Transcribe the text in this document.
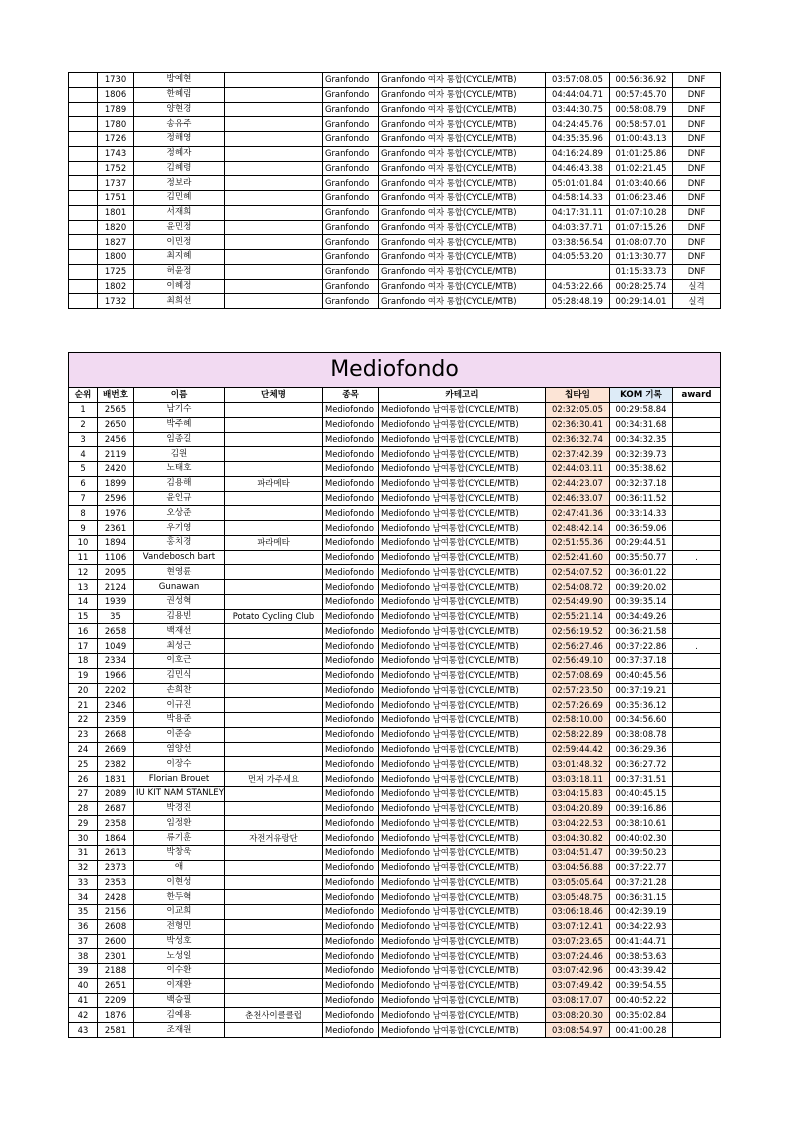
	1730	방예현		Granfondo	Granfondo 여자 통합(CYCLE/MTB)	03:57:08.05	00:56:36.92	DNF
	1806	한혜림		Granfondo	Granfondo 여자 통합(CYCLE/MTB)	04:44:04.71	00:57:45.70	DNF
	1789	양현경		Granfondo	Granfondo 여자 통합(CYCLE/MTB)	03:44:30.75	00:58:08.79	DNF
	1780	송유주		Granfondo	Granfondo 여자 통합(CYCLE/MTB)	04:24:45.76	00:58:57.01	DNF
	1726	정해영		Granfondo	Granfondo 여자 통합(CYCLE/MTB)	04:35:35.96	01:00:43.13	DNF
	1743	정혜자		Granfondo	Granfondo 여자 통합(CYCLE/MTB)	04:16:24.89	01:01:25.86	DNF
	1752	김혜령		Granfondo	Granfondo 여자 통합(CYCLE/MTB)	04:46:43.38	01:02:21.45	DNF
	1737	정보라		Granfondo	Granfondo 여자 통합(CYCLE/MTB)	05:01:01.84	01:03:40.66	DNF
	1751	김민혜		Granfondo	Granfondo 여자 통합(CYCLE/MTB)	04:58:14.33	01:06:23.46	DNF
	1801	서재희		Granfondo	Granfondo 여자 통합(CYCLE/MTB)	04:17:31.11	01:07:10.28	DNF
	1820	윤민정		Granfondo	Granfondo 여자 통합(CYCLE/MTB)	04:03:37.71	01:07:15.26	DNF
	1827	이민정		Granfondo	Granfondo 여자 통합(CYCLE/MTB)	03:38:56.54	01:08:07.70	DNF
	1800	최지혜		Granfondo	Granfondo 여자 통합(CYCLE/MTB)	04:05:53.20	01:13:30.77	DNF
	1725	허윤정		Granfondo	Granfondo 여자 통합(CYCLE/MTB)		01:15:33.73	DNF
	1802	이혜정		Granfondo	Granfondo 여자 통합(CYCLE/MTB)	04:53:22.66	00:28:25.74	실격
	1732	최희선		Granfondo	Granfondo 여자 통합(CYCLE/MTB)	05:28:48.19	00:29:14.01	실격
Mediofondo								
순위	배번호	이름	단체명	종목	카테고리	칩타임	KOM 기록	award
1	2565	남기수		Mediofondo	Mediofondo 남여통합(CYCLE/MTB)	02:32:05.05	00:29:58.84	
2	2650	박주혜		Mediofondo	Mediofondo 남여통합(CYCLE/MTB)	02:36:30.41	00:34:31.68	
3	2456	임종길		Mediofondo	Mediofondo 남여통합(CYCLE/MTB)	02:36:32.74	00:34:32.35	
4	2119	김원		Mediofondo	Mediofondo 남여통합(CYCLE/MTB)	02:37:42.39	00:32:39.73	
5	2420	노태호		Mediofondo	Mediofondo 남여통합(CYCLE/MTB)	02:44:03.11	00:35:38.62	
6	1899	김용해	파라메타	Mediofondo	Mediofondo 남여통합(CYCLE/MTB)	02:44:23.07	00:32:37.18	
7	2596	윤인규		Mediofondo	Mediofondo 남여통합(CYCLE/MTB)	02:46:33.07	00:36:11.52	
8	1976	오상준		Mediofondo	Mediofondo 남여통합(CYCLE/MTB)	02:47:41.36	00:33:14.33	
9	2361	우기영		Mediofondo	Mediofondo 남여통합(CYCLE/MTB)	02:48:42.14	00:36:59.06	
10	1894	홍치경	파라메타	Mediofondo	Mediofondo 남여통합(CYCLE/MTB)	02:51:55.36	00:29:44.51	
11	1106	Vandebosch bart		Mediofondo	Mediofondo 남여통합(CYCLE/MTB)	02:52:41.60	00:35:50.77	.
12	2095	현영륜		Mediofondo	Mediofondo 남여통합(CYCLE/MTB)	02:54:07.52	00:36:01.22	
13	2124	Gunawan		Mediofondo	Mediofondo 남여통합(CYCLE/MTB)	02:54:08.72	00:39:20.02	
14	1939	권성혁		Mediofondo	Mediofondo 남여통합(CYCLE/MTB)	02:54:49.90	00:39:35.14	
15	35	김용빈	Potato Cycling Club	Mediofondo	Mediofondo 남여통합(CYCLE/MTB)	02:55:21.14	00:34:49.26	
16	2658	백재선		Mediofondo	Mediofondo 남여통합(CYCLE/MTB)	02:56:19.52	00:36:21.58	
17	1049	최성근		Mediofondo	Mediofondo 남여통합(CYCLE/MTB)	02:56:27.46	00:37:22.86	.
18	2334	이호근		Mediofondo	Mediofondo 남여통합(CYCLE/MTB)	02:56:49.10	00:37:37.18	
19	1966	김민식		Mediofondo	Mediofondo 남여통합(CYCLE/MTB)	02:57:08.69	00:40:45.56	
20	2202	손희찬		Mediofondo	Mediofondo 남여통합(CYCLE/MTB)	02:57:23.50	00:37:19.21	
21	2346	이규진		Mediofondo	Mediofondo 남여통합(CYCLE/MTB)	02:57:26.69	00:35:36.12	
22	2359	박용준		Mediofondo	Mediofondo 남여통합(CYCLE/MTB)	02:58:10.00	00:34:56.60	
23	2668	이준승		Mediofondo	Mediofondo 남여통합(CYCLE/MTB)	02:58:22.89	00:38:08.78	
24	2669	염양선		Mediofondo	Mediofondo 남여통합(CYCLE/MTB)	02:59:44.42	00:36:29.36	
25	2382	이장수		Mediofondo	Mediofondo 남여통합(CYCLE/MTB)	03:01:48.32	00:36:27.72	
26	1831	Florian Brouet	먼저 가주세요	Mediofondo	Mediofondo 남여통합(CYCLE/MTB)	03:03:18.11	00:37:31.51	
27	2089	IU KIT NAM STANLEY		Mediofondo	Mediofondo 남여통합(CYCLE/MTB)	03:04:15.83	00:40:45.15	
28	2687	박경진		Mediofondo	Mediofondo 남여통합(CYCLE/MTB)	03:04:20.89	00:39:16.86	
29	2358	임정환		Mediofondo	Mediofondo 남여통합(CYCLE/MTB)	03:04:22.53	00:38:10.61	
30	1864	류기훈	자전거유랑단	Mediofondo	Mediofondo 남여통합(CYCLE/MTB)	03:04:30.82	00:40:02.30	
31	2613	박창욱		Mediofondo	Mediofondo 남여통합(CYCLE/MTB)	03:04:51.47	00:39:50.23	
32	2373	애		Mediofondo	Mediofondo 남여통합(CYCLE/MTB)	03:04:56.88	00:37:22.77	
33	2353	이현성		Mediofondo	Mediofondo 남여통합(CYCLE/MTB)	03:05:05.64	00:37:21.28	
34	2428	한두혁		Mediofondo	Mediofondo 남여통합(CYCLE/MTB)	03:05:48.75	00:36:31.15	
35	2156	이교희		Mediofondo	Mediofondo 남여통합(CYCLE/MTB)	03:06:18.46	00:42:39.19	
36	2608	전형민		Mediofondo	Mediofondo 남여통합(CYCLE/MTB)	03:07:12.41	00:34:22.93	
37	2600	박성호		Mediofondo	Mediofondo 남여통합(CYCLE/MTB)	03:07:23.65	00:41:44.71	
38	2301	노성일		Mediofondo	Mediofondo 남여통합(CYCLE/MTB)	03:07:24.46	00:38:53.63	
39	2188	이수환		Mediofondo	Mediofondo 남여통합(CYCLE/MTB)	03:07:42.96	00:43:39.42	
40	2651	이재환		Mediofondo	Mediofondo 남여통합(CYCLE/MTB)	03:07:49.42	00:39:54.55	
41	2209	백승필		Mediofondo	Mediofondo 남여통합(CYCLE/MTB)	03:08:17.07	00:40:52.22	
42	1876	김예용	춘천사이클클럽	Mediofondo	Mediofondo 남여통합(CYCLE/MTB)	03:08:20.30	00:35:02.84	
43	2581	조재원		Mediofondo	Mediofondo 남여통합(CYCLE/MTB)	03:08:54.97	00:41:00.28	
